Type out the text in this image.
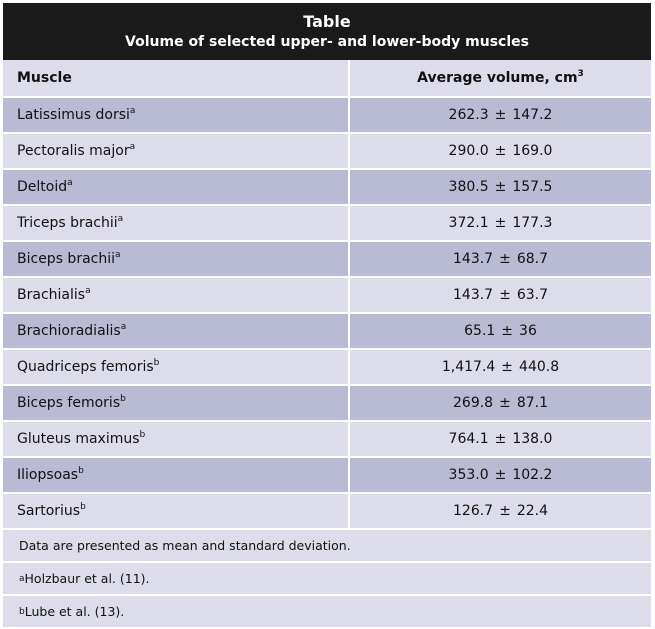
Table
Volume of selected upper- and lower-body muscles
Muscle	Average volume, $cm^3$
Latissimus dorsi$^a$	262.3 ± 147.2
Pectoralis major$^a$	290.0 ± 169.0
Deltoid$^a$	380.5 ± 157.5
Triceps brachii$^a$	372.1 ± 177.3
Biceps brachii$^a$	143.7 ± 68.7
Brachialis$^a$	143.7 ± 63.7
Brachioradialis$^a$	65.1 ± 36
Quadriceps femoris$^b$	1,417.4 ± 440.8
Biceps femoris$^b$	269.8 ± 87.1
Gluteus maximus$^b$	764.1 ± 138.0
Iliopsoas$^b$	353.0 ± 102.2
Sartorius$^b$	126.7 ± 22.4
Data are presented as mean and standard deviation.
a Holzbaur et al. (11).
b Lube et al. (13).
